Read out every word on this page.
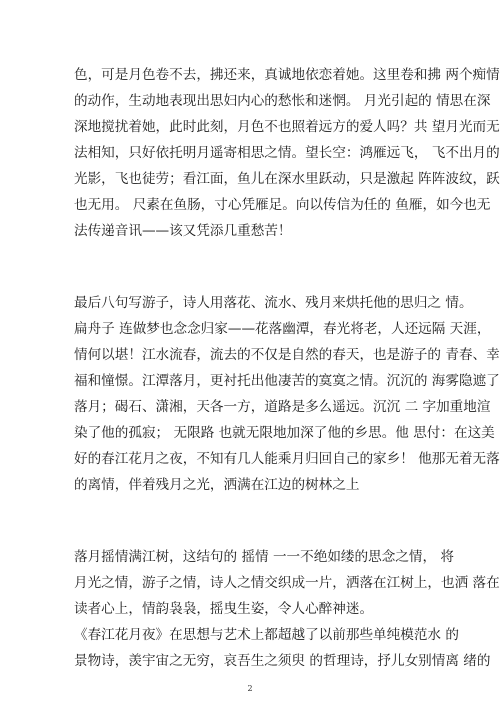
色，可是月色卷不去，拂还来，真诚地依恋着她。这里卷和拂 两个痴情
的动作，生动地表现出思妇内心的愁怅和迷惘。 月光引起的 情思在深
深地搅扰着她，此时此刻，月色不也照着远方的爱人吗？共 望月光而无
法相知，只好依托明月遥寄相思之情。望长空：鸿雁远飞， 飞不出月的
光影，飞也徒劳；看江面，鱼儿在深水里跃动，只是激起 阵阵波纹，跃
也无用。 尺素在鱼肠，寸心凭雁足。向以传信为任的 鱼雁，如今也无
法传递音讯——该又凭添几重愁苦！
最后八句写游子，诗人用落花、流水、残月来烘托他的思归之 情。
扁舟子 连做梦也念念归家——花落幽潭，春光将老，人还远隔 天涯，
情何以堪！江水流春，流去的不仅是自然的春天，也是游子的 青春、幸
福和憧憬。江潭落月，更衬托出他凄苦的寞寞之情。沉沉的 海雾隐遮了
落月；碣石、潇湘，天各一方，道路是多么遥远。沉沉 二 字加重地渲
染了他的孤寂； 无限路 也就无限地加深了他的乡思。他 思付：在这美
好的春江花月之夜，不知有几人能乘月归回自己的家乡！ 他那无着无落
的离情，伴着残月之光，洒满在江边的树林之上
落月摇情满江树，这结句的 摇情 一一不绝如缕的思念之情， 将
月光之情，游子之情，诗人之情交织成一片，洒落在江树上，也洒 落在
读者心上，情韵袅袅，摇曳生姿，令人心醉神迷。
《春江花月夜》在思想与艺术上都超越了以前那些单纯模范水 的
景物诗，羡宇宙之无穷，哀吾生之须臾 的哲理诗，抒儿女别情离 绪的
2
